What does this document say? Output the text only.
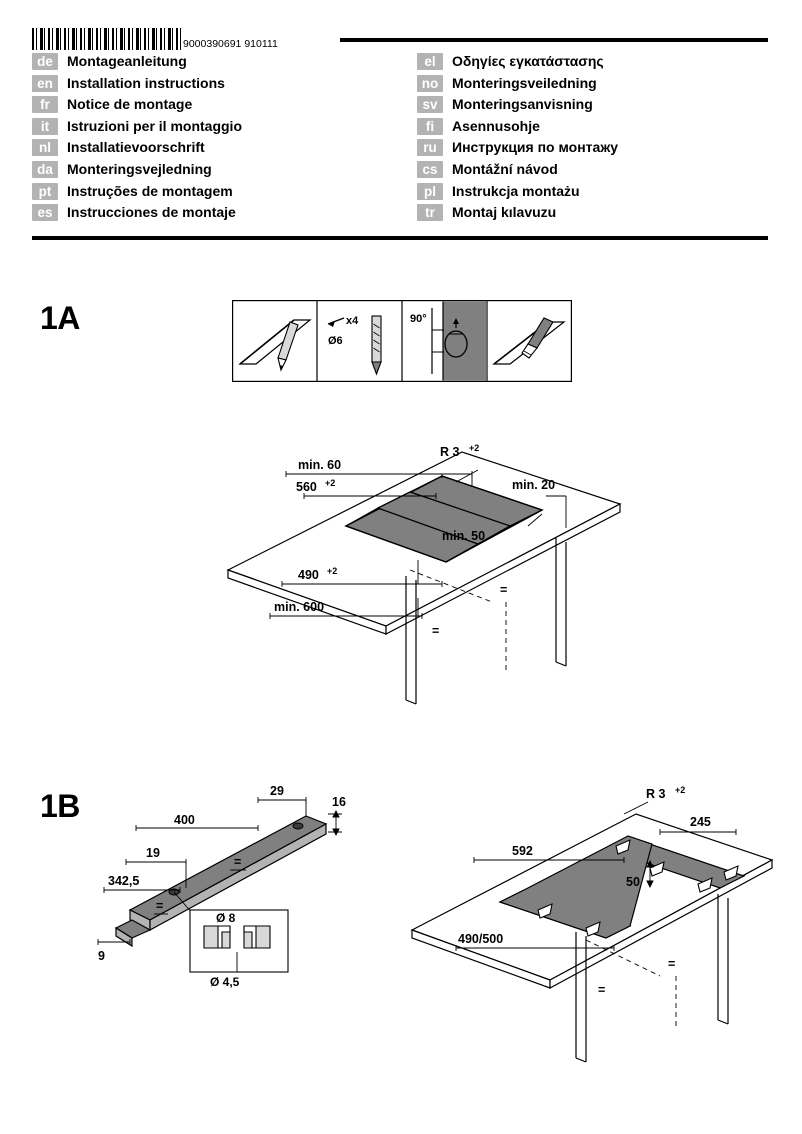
9000390691 910111
de	Montageanleitung
en	Installation instructions
fr	Notice de montage
it	Istruzioni per il montaggio
nl	Installatievoorschrift
da	Monteringsvejledning
pt	Instruções de montagem
es	Instrucciones de montaje
el	Οδηγίες εγκατάστασης
no Monteringsveiledning
sv	Monteringsanvisning
fi	Asennusohje
ru	Инструкция по монтажу
cs	Montážní návod
pl	Instrukcja montażu
tr	Montaj kılavuzu
1A	x4
Ø6
90°
min. 60
R 3 +2
560 +2	min. 20
min. 50
490 +2
min. 600
=
=
1B	400
29
16
19
342,5
9
=
=
Ø 8
Ø 4,5
R 3 +2
592
245
50
490/500
=
=
